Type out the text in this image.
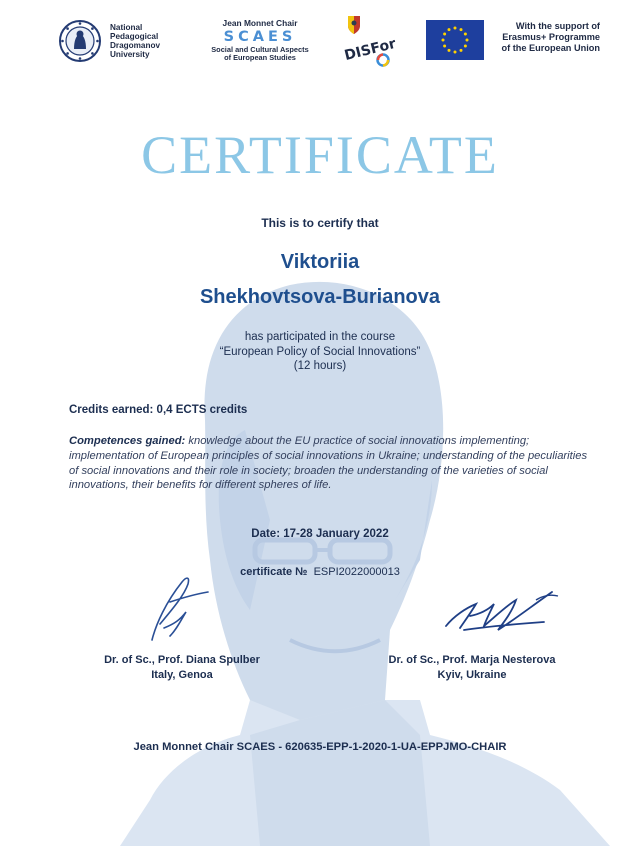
National
Pedagogical
Dragomanov
University
Jean Monnet Chair
SCAES
Social and Cultural Aspects
of European Studies	DISFor
With the support of
Erasmus+ Programme
of the European Union
CERTIFICATE
This is to certify that
Viktoriia
Shekhovtsova-Burianova
has participated in the course
“European Policy of Social Innovations”
(12 hours)
Credits earned: 0,4 ECTS credits
Competences gained: knowledge about the EU practice of social innovations implementing; implementation of European principles of social innovations in Ukraine; understanding of the peculiarities of social innovations and their role in society; broaden the understanding of the varieties of social innovations, their benefits for different spheres of life.
Date: 17-28 January 2022
certificate № ESPI2022000013
Dr. of Sc., Prof. Diana Spulber
Italy, Genoa
Dr. of Sc., Prof. Marja Nesterova
Kyiv, Ukraine
Jean Monnet Chair SCAES - 620635-EPP-1-2020-1-UA-EPPJMO-CHAIR
